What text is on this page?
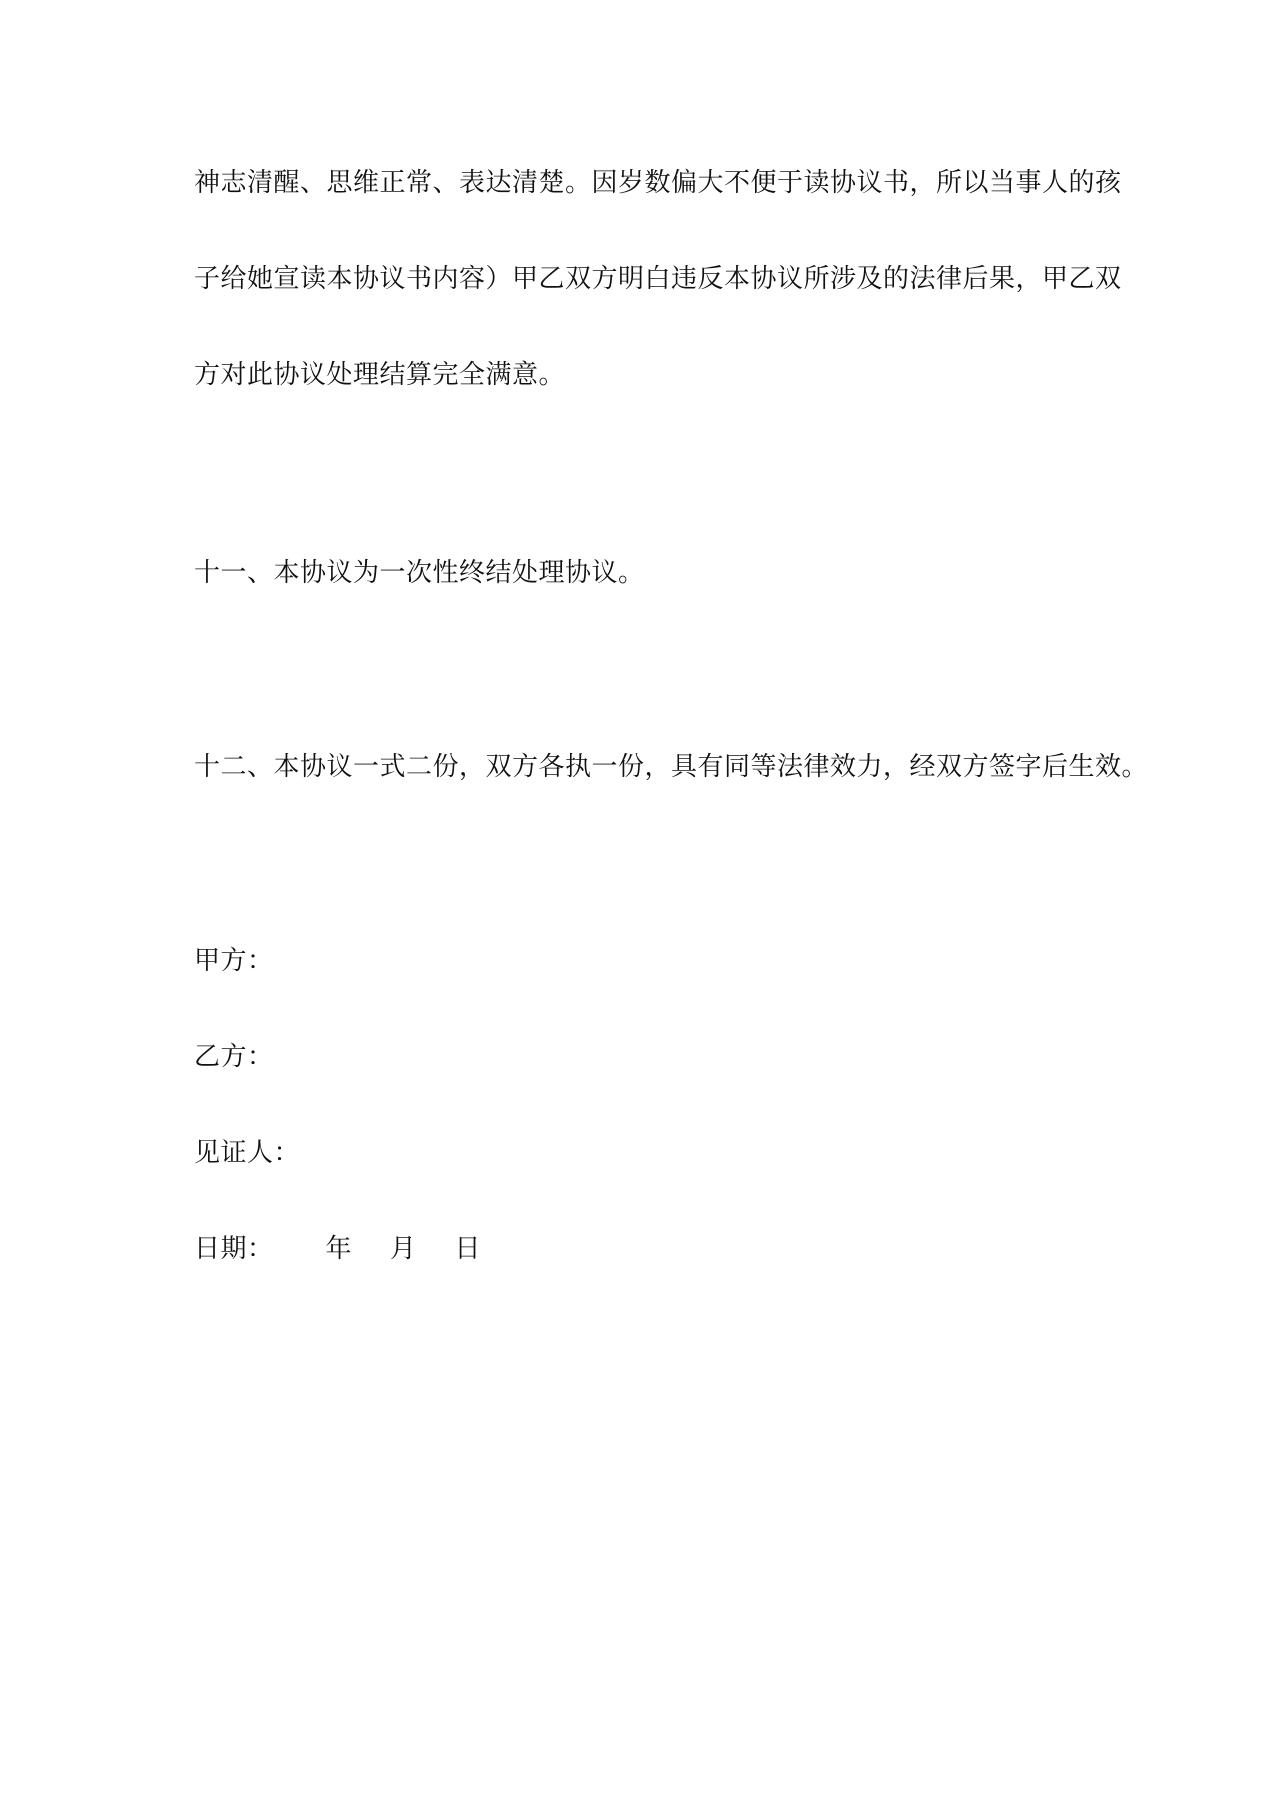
神志清醒、思维正常、表达清楚。因岁数偏大不便于读协议书，所以当事人的孩
子给她宣读本协议书内容）甲乙双方明白违反本协议所涉及的法律后果，甲乙双
方对此协议处理结算完全满意。
十一、本协议为一次性终结处理协议。
十二、本协议一式二份，双方各执一份，具有同等法律效力，经双方签字后生效。
甲方：
乙方：
见证人：
日期： 年 月 日
